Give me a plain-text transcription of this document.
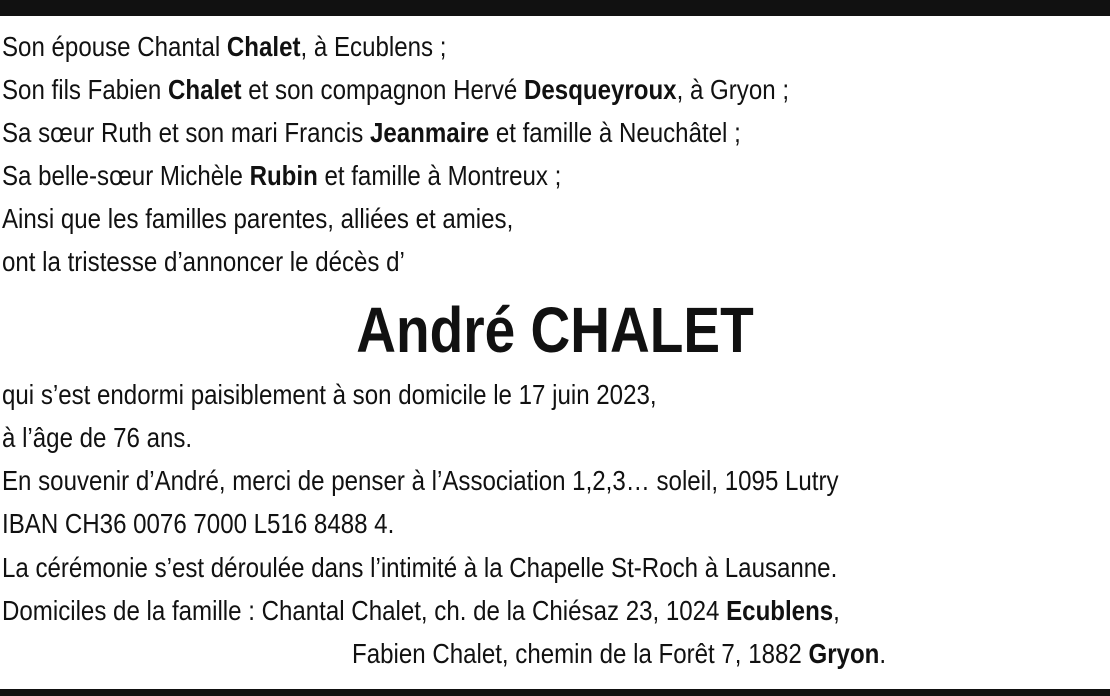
Son épouse Chantal Chalet, à Ecublens ;
Son fils Fabien Chalet et son compagnon Hervé Desqueyroux, à Gryon ;
Sa sœur Ruth et son mari Francis Jeanmaire et famille à Neuchâtel ;
Sa belle-sœur Michèle Rubin et famille à Montreux ;
Ainsi que les familles parentes, alliées et amies,
ont la tristesse d’annoncer le décès d’
André CHALET
qui s’est endormi paisiblement à son domicile le 17 juin 2023,
à l’âge de 76 ans.
En souvenir d’André, merci de penser à l’Association 1,2,3… soleil, 1095 Lutry
IBAN CH36 0076 7000 L516 8488 4.
La cérémonie s’est déroulée dans l’intimité à la Chapelle St-Roch à Lausanne.
Domiciles de la famille : Chantal Chalet, ch. de la Chiésaz 23, 1024 Ecublens,
Fabien Chalet, chemin de la Forêt 7, 1882 Gryon.
